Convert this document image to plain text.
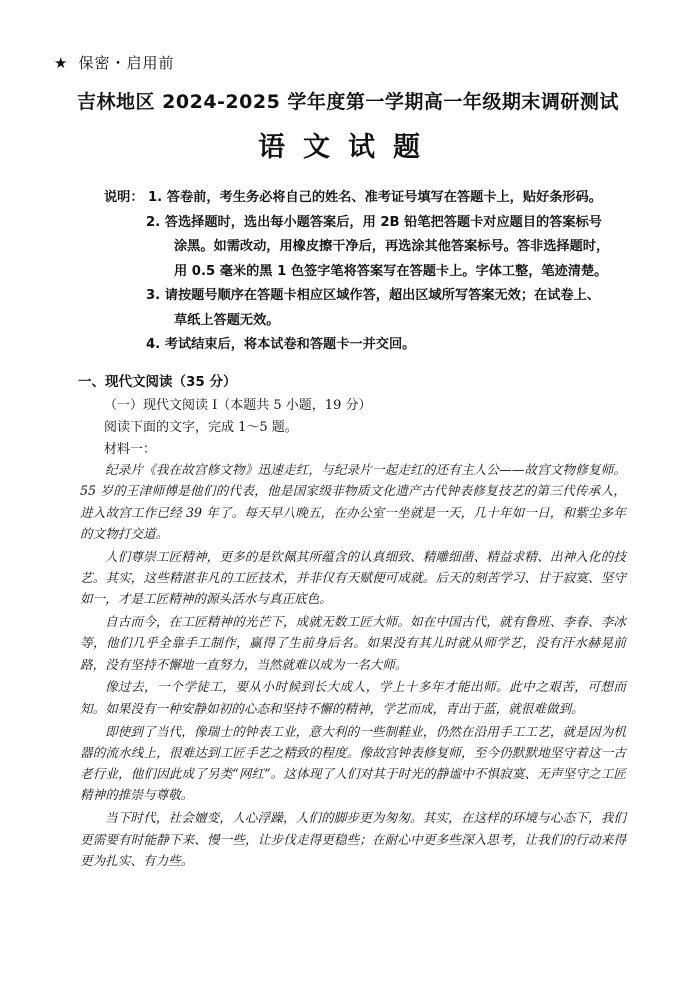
★ 保密・启用前
吉林地区 2024-2025 学年度第一学期高一年级期末调研测试
语文试题
说明： 1. 答卷前，考生务必将自己的姓名、准考证号填写在答题卡上，贴好条形码。
2. 答选择题时，选出每小题答案后，用 2B 铅笔把答题卡对应题目的答案标号
涂黑。如需改动，用橡皮擦干净后，再选涂其他答案标号。答非选择题时，
用 0.5 毫米的黑 1 色签字笔将答案写在答题卡上。字体工整，笔迹清楚。
3. 请按题号顺序在答题卡相应区域作答，超出区域所写答案无效；在试卷上、
草纸上答题无效。
4. 考试结束后，将本试卷和答题卡一并交回。
一、现代文阅读（35 分）
（一）现代文阅读 I（本题共 5 小题，19 分）
阅读下面的文字，完成 1～5 题。
材料一：

纪录片《我在故宫修文物》迅速走红，与纪录片一起走红的还有主人公——故宫文物修复师。55 岁的王津师傅是他们的代表，他是国家级非物质文化遗产古代钟表修复技艺的第三代传承人，进入故宫工作已经 39 年了。每天早八晚五，在办公室一坐就是一天，几十年如一日，和紫尘多年的文物打交道。

人们尊崇工匠精神，更多的是钦佩其所蕴含的认真细致、精雕细凿、精益求精、出神入化的技艺。其实，这些精湛非凡的工匠技术，并非仅有天赋便可成就。后天的刻苦学习、甘于寂寞、坚守如一，才是工匠精神的源头活水与真正底色。

自古而今，在工匠精神的光芒下，成就无数工匠大师。如在中国古代，就有鲁班、李春、李冰等，他们几乎全靠手工制作，赢得了生前身后名。如果没有其儿时就从师学艺，没有汗水赫晃前路，没有坚持不懈地一直努力，当然就难以成为一名大师。

像过去，一个学徒工，要从小时候到长大成人，学上十多年才能出师。此中之艰苦，可想而知。如果没有一种安静如初的心态和坚持不懈的精神，学艺而成，青出于蓝，就很难做到。

即使到了当代，像瑞士的钟表工业，意大利的一些制鞋业，仍然在沿用手工工艺，就是因为机器的流水线上，很难达到工匠手艺之精致的程度。像故宫钟表修复师，至今仍默默地坚守着这一古老行业，他们因此成了另类“网红”。这体现了人们对其于时光的静谧中不惧寂寞、无声坚守之工匠精神的推崇与尊敬。

当下时代，社会嬗变，人心浮躁，人们的脚步更为匆匆。其实，在这样的环境与心态下，我们更需要有时能静下来、慢一些，让步伐走得更稳些；在耐心中更多些深入思考，让我们的行动来得更为扎实、有力些。
